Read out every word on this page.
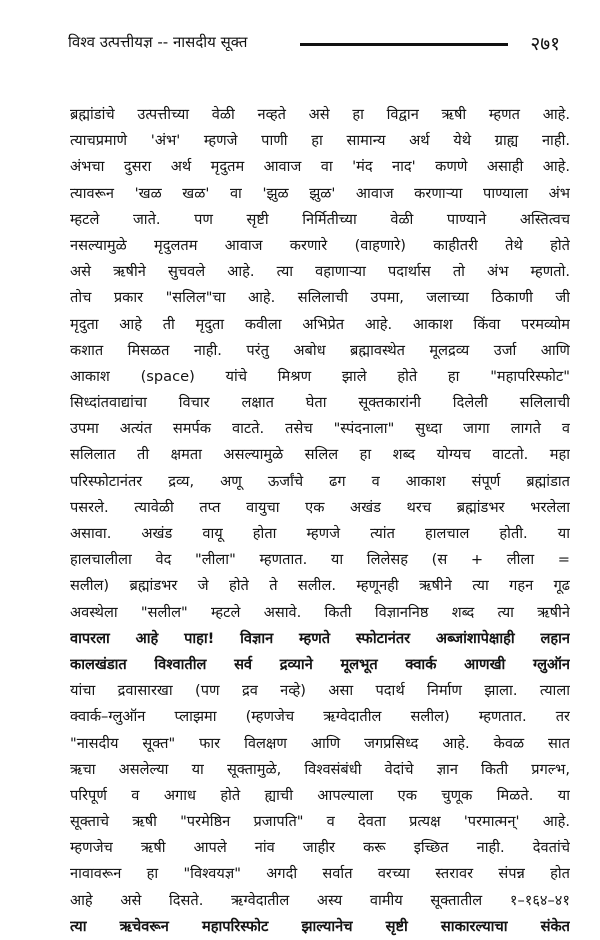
विश्व उत्पत्तीयज्ञ -- नासदीय सूक्त	२७१
ब्रह्मांडांचे उत्पत्तीच्या वेळी नव्हते असे हा विद्वान ऋषी म्हणत आहे.
त्याचप्रमाणे 'अंभ' म्हणजे पाणी हा सामान्य अर्थ येथे ग्राह्य नाही.
अंभचा दुसरा अर्थ मृदुतम आवाज वा 'मंद नाद' कणणे असाही आहे.
त्यावरून 'खळ खळ' वा 'झुळ झुळ' आवाज करणाऱ्या पाण्याला अंभ
म्हटले जाते. पण सृष्टी निर्मितीच्या वेळी पाण्याने अस्तित्वच
नसल्यामुळे मृदुलतम आवाज करणारे (वाहणारे) काहीतरी तेथे होते
असे ऋषीने सुचवले आहे. त्या वहाणाऱ्या पदार्थास तो अंभ म्हणतो.
तोच प्रकार "सलिल"चा आहे. सलिलाची उपमा, जलाच्या ठिकाणी जी
मृदुता आहे ती मृदुता कवीला अभिप्रेत आहे. आकाश किंवा परमव्योम
कशात मिसळत नाही. परंतु अबोध ब्रह्मावस्थेत मूलद्रव्य उर्जा आणि
आकाश (space) यांचे मिश्रण झाले होते हा "महापरिस्फोट"
सिध्दांतवाद्यांचा विचार लक्षात घेता सूक्तकारांनी दिलेली सलिलाची
उपमा अत्यंत समर्पक वाटते. तसेच "स्पंदनाला" सुध्दा जागा लागते व
सलिलात ती क्षमता असल्यामुळे सलिल हा शब्द योग्यच वाटतो. महा
परिस्फोटानंतर द्रव्य, अणू ऊर्जांचे ढग व आकाश संपूर्ण ब्रह्मांडात
पसरले. त्यावेळी तप्त वायुचा एक अखंड थरच ब्रह्मांडभर भरलेला
असावा. अखंड वायू होता म्हणजे त्यांत हालचाल होती. या
हालचालीला वेद "लीला" म्हणतात. या लिलेसह (स + लीला =
सलील) ब्रह्मांडभर जे होते ते सलील. म्हणूनही ऋषीने त्या गहन गूढ
अवस्थेला "सलील" म्हटले असावे. किती विज्ञाननिष्ठ शब्द त्या ऋषीने
वापरला आहे पाहा! विज्ञान म्हणते स्फोटानंतर अब्जांशापेक्षाही लहान
कालखंडात विश्वातील सर्व द्रव्याने मूलभूत क्वार्क आणखी ग्लुऑन
यांचा द्रवासारखा (पण द्रव नव्हे) असा पदार्थ निर्माण झाला. त्याला
क्वार्क–ग्लुऑन प्लाझमा (म्हणजेच ऋग्वेदातील सलील) म्हणतात. तर
"नासदीय सूक्त" फार विलक्षण आणि जगप्रसिध्द आहे. केवळ सात
ऋचा असलेल्या या सूक्तामुळे, विश्वसंबंधी वेदांचे ज्ञान किती प्रगल्भ,
परिपूर्ण व अगाध होते ह्याची आपल्याला एक चुणूक मिळते. या
सूक्ताचे ऋषी "परमेष्ठिन प्रजापति" व देवता प्रत्यक्ष 'परमात्मन्' आहे.
म्हणजेच ऋषी आपले नांव जाहीर करू इच्छित नाही. देवतांचे
नावावरून हा "विश्वयज्ञ" अगदी सर्वात वरच्या स्तरावर संपन्न होत
आहे असे दिसते. ऋग्वेदातील अस्य वामीय सूक्तातील १–१६४–४१
त्या ऋचेवरून महापरिस्फोट झाल्यानेच सृष्टी साकारल्याचा संकेत
